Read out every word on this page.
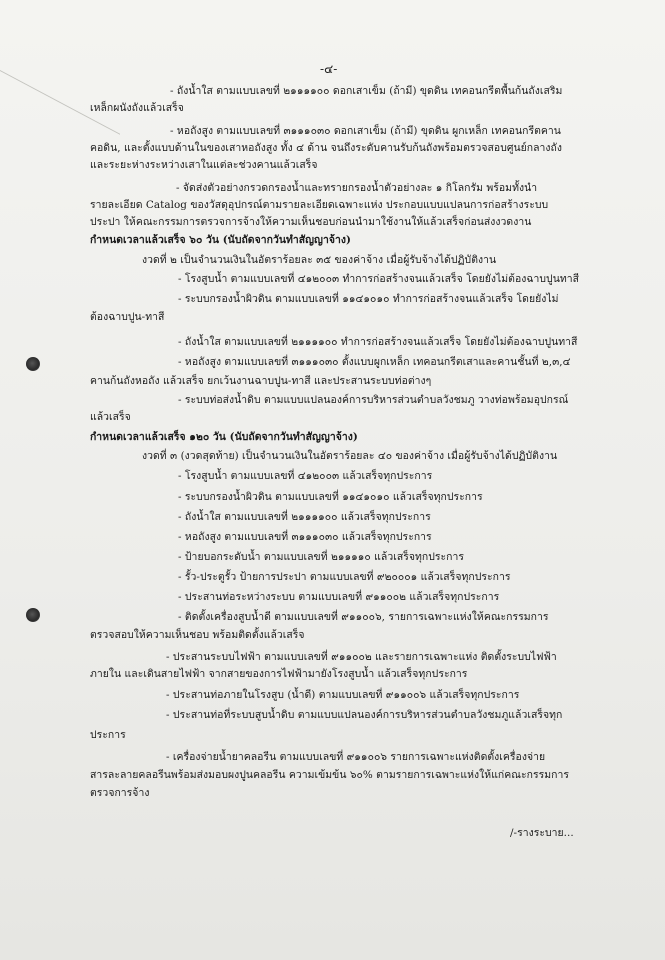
-๔-
- ถังน้ำใส ตามแบบเลขที่ ๒๑๑๑๑๐๐ ดอกเสาเข็ม (ถ้ามี) ขุดดิน เทคอนกรีตพื้นก้นถังเสริม
เหล็กผนังถังแล้วเสร็จ
- หอถังสูง ตามแบบเลขที่ ๓๑๑๑๐๓๐ ดอกเสาเข็ม (ถ้ามี) ขุดดิน ผูกเหล็ก เทคอนกรีตคาน
คอดิน, และตั้งแบบด้านในของเสาหอถังสูง ทั้ง ๔ ด้าน จนถึงระดับคานรับก้นถังพร้อมตรวจสอบศูนย์กลางถัง
และระยะห่างระหว่างเสาในแต่ละช่วงคานแล้วเสร็จ
- จัดส่งตัวอย่างกรวดกรองน้ำและทรายกรองน้ำตัวอย่างละ ๑ กิโลกรัม พร้อมทั้งนำ
รายละเอียด Catalog ของวัสดุอุปกรณ์ตามรายละเอียดเฉพาะแห่ง ประกอบแบบแปลนการก่อสร้างระบบ
ประปา ให้คณะกรรมการตรวจการจ้างให้ความเห็นชอบก่อนนำมาใช้งานให้แล้วเสร็จก่อนส่งงวดงาน
กำหนดเวลาแล้วเสร็จ ๖๐ วัน (นับถัดจากวันทำสัญญาจ้าง)
งวดที่ ๒ เป็นจำนวนเงินในอัตราร้อยละ ๓๕ ของค่าจ้าง เมื่อผู้รับจ้างได้ปฏิบัติงาน
- โรงสูบน้ำ ตามแบบเลขที่ ๔๑๒๐๐๓ ทำการก่อสร้างจนแล้วเสร็จ โดยยังไม่ต้องฉาบปูนทาสี
- ระบบกรองน้ำผิวดิน ตามแบบเลขที่ ๑๑๔๑๐๑๐ ทำการก่อสร้างจนแล้วเสร็จ โดยยังไม่
ต้องฉาบปูน-ทาสี
- ถังน้ำใส ตามแบบเลขที่ ๒๑๑๑๑๐๐ ทำการก่อสร้างจนแล้วเสร็จ โดยยังไม่ต้องฉาบปูนทาสี
- หอถังสูง ตามแบบเลขที่ ๓๑๑๑๐๓๐ ตั้งแบบผูกเหล็ก เทคอนกรีตเสาและคานชั้นที่ ๒,๓,๔
คานก้นถังหอถัง แล้วเสร็จ ยกเว้นงานฉาบปูน-ทาสี และประสานระบบท่อต่างๆ
- ระบบท่อส่งน้ำดิบ ตามแบบแปลนองค์การบริหารส่วนตำบลวังชมภู วางท่อพร้อมอุปกรณ์
แล้วเสร็จ
กำหนดเวลาแล้วเสร็จ ๑๒๐ วัน (นับถัดจากวันทำสัญญาจ้าง)
งวดที่ ๓ (งวดสุดท้าย) เป็นจำนวนเงินในอัตราร้อยละ ๔๐ ของค่าจ้าง เมื่อผู้รับจ้างได้ปฏิบัติงาน
- โรงสูบน้ำ ตามแบบเลขที่ ๔๑๒๐๐๓ แล้วเสร็จทุกประการ
- ระบบกรองน้ำผิวดิน ตามแบบเลขที่ ๑๑๔๑๐๑๐ แล้วเสร็จทุกประการ
- ถังน้ำใส ตามแบบเลขที่ ๒๑๑๑๑๐๐ แล้วเสร็จทุกประการ
- หอถังสูง ตามแบบเลขที่ ๓๑๑๑๐๓๐ แล้วเสร็จทุกประการ
- ป้ายบอกระดับน้ำ ตามแบบเลขที่ ๒๑๑๑๑๐ แล้วเสร็จทุกประการ
- รั้ว-ประตูรั้ว ป้ายการประปา ตามแบบเลขที่ ๙๒๐๐๐๑ แล้วเสร็จทุกประการ
- ประสานท่อระหว่างระบบ ตามแบบเลขที่ ๙๑๑๐๐๒ แล้วเสร็จทุกประการ
- ติดตั้งเครื่องสูบน้ำดี ตามแบบเลขที่ ๙๑๑๐๐๖, รายการเฉพาะแห่งให้คณะกรรมการ
ตรวจสอบให้ความเห็นชอบ พร้อมติดตั้งแล้วเสร็จ
- ประสานระบบไฟฟ้า ตามแบบเลขที่ ๙๑๑๐๐๒ และรายการเฉพาะแห่ง ติดตั้งระบบไฟฟ้า
ภายใน และเดินสายไฟฟ้า จากสายของการไฟฟ้ามายังโรงสูบน้ำ แล้วเสร็จทุกประการ
- ประสานท่อภายในโรงสูบ (น้ำดี) ตามแบบเลขที่ ๙๑๑๐๐๖ แล้วเสร็จทุกประการ
- ประสานท่อที่ระบบสูบน้ำดิบ ตามแบบแปลนองค์การบริหารส่วนตำบลวังชมภูแล้วเสร็จทุก
ประการ
- เครื่องจ่ายน้ำยาคลอรีน ตามแบบเลขที่ ๙๑๑๐๐๖ รายการเฉพาะแห่งติดตั้งเครื่องจ่าย
สารละลายคลอรีนพร้อมส่งมอบผงปูนคลอรีน ความเข้มข้น ๖๐% ตามรายการเฉพาะแห่งให้แก่คณะกรรมการ
ตรวจการจ้าง
/-รางระบาย...
